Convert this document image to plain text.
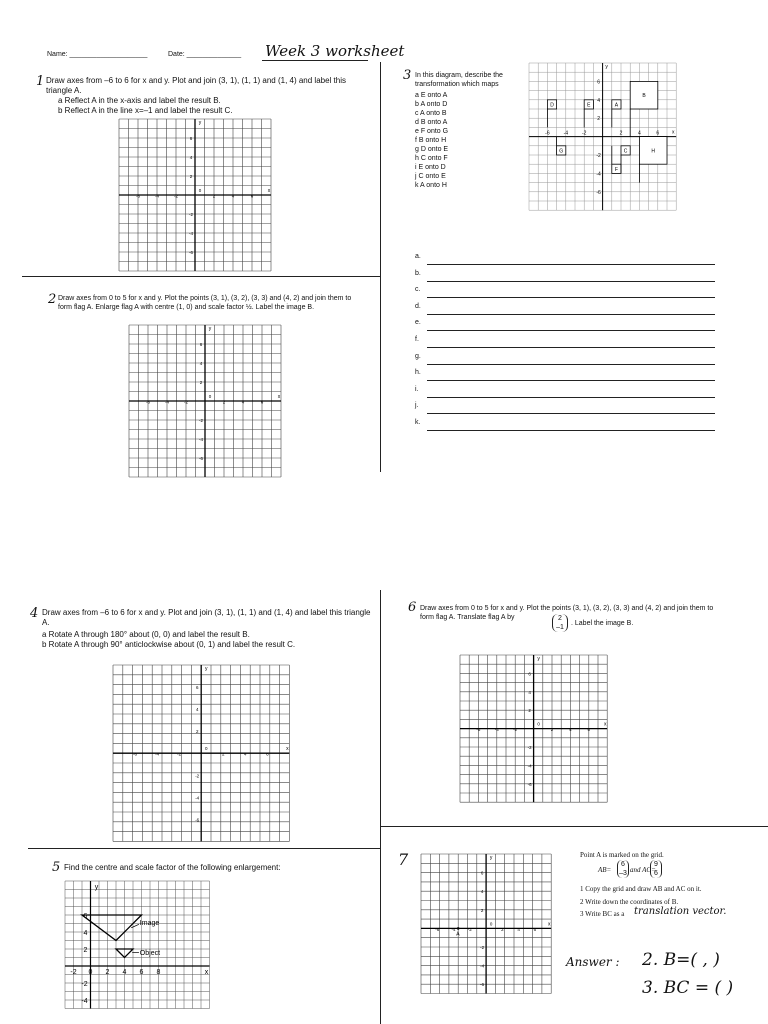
Name: ____________________	Date: ______________ Week 3 worksheet
1 Draw axes from –6 to 6 for x and y. Plot and join (3, 1), (1, 1) and (1, 4) and label this triangle A.
a Reflect A in the x-axis and label the result B.
b Reflect A in the line x=–1 and label the result C.
-6	-4	-2	2	4	6
6
4
2
-2
-4
-6
0	x
y
2 Draw axes from 0 to 5 for x and y. Plot the points (3, 1), (3, 2), (3, 3) and (4, 2) and join them to form flag A. Enlarge flag A with centre (1, 0) and scale factor ½. Label the image B.
-6	-4	-2	2	4	6
6
4
2
-2
-4
-6
0	x
y
3 In this diagram, describe the transformation which maps
a E onto A
b A onto D
c A onto B
d B onto A
e F onto G
f B onto H
g D onto E
h C onto F
i E onto D
j C onto E
k A onto H
-6	-4	-2	2	4	6
6
4
2
-2
-4
-6
x
y
D	E	A
B
G	C	H
F
a.
b.
c.
d.
e.
f.
g.
h.
i.
j.
k.
4 Draw axes from –6 to 6 for x and y. Plot and join (3, 1), (1, 1) and (1, 4) and label this triangle A.
a Rotate A through 180° about (0, 0) and label the result B.
b Rotate A through 90° anticlockwise about (0, 1) and label the result C.
-6	-4	-2	2	4	6
6
4
2
-2
-4
-6
0	x
y
5 Find the centre and scale factor of the following enlargement:
-2 0 2 4 6 8
6
4
2
-2
-4
x
y
Image
Object
6 Draw axes from 0 to 5 for x and y. Plot the points (3, 1), (3, 2), (3, 3) and (4, 2) and join them to form flag A. Translate flag A by	2
–1
. Label the image B.
-6	-4	-2	2	4	6
6
4
2
-2
-4
-6
0	x
y
7
-6	-4	-2	2	4	6
6
4
2
-2
-4
-6
0	x
y
A
Point A is marked on the grid.
AB=
6
–3 and AC=
9
6
1 Copy the grid and draw AB and AC on it.
2 Write down the coordinates of B.
3 Write BC as a translation vector.
Answer : 2. B=( , )
3. BC = ( )
